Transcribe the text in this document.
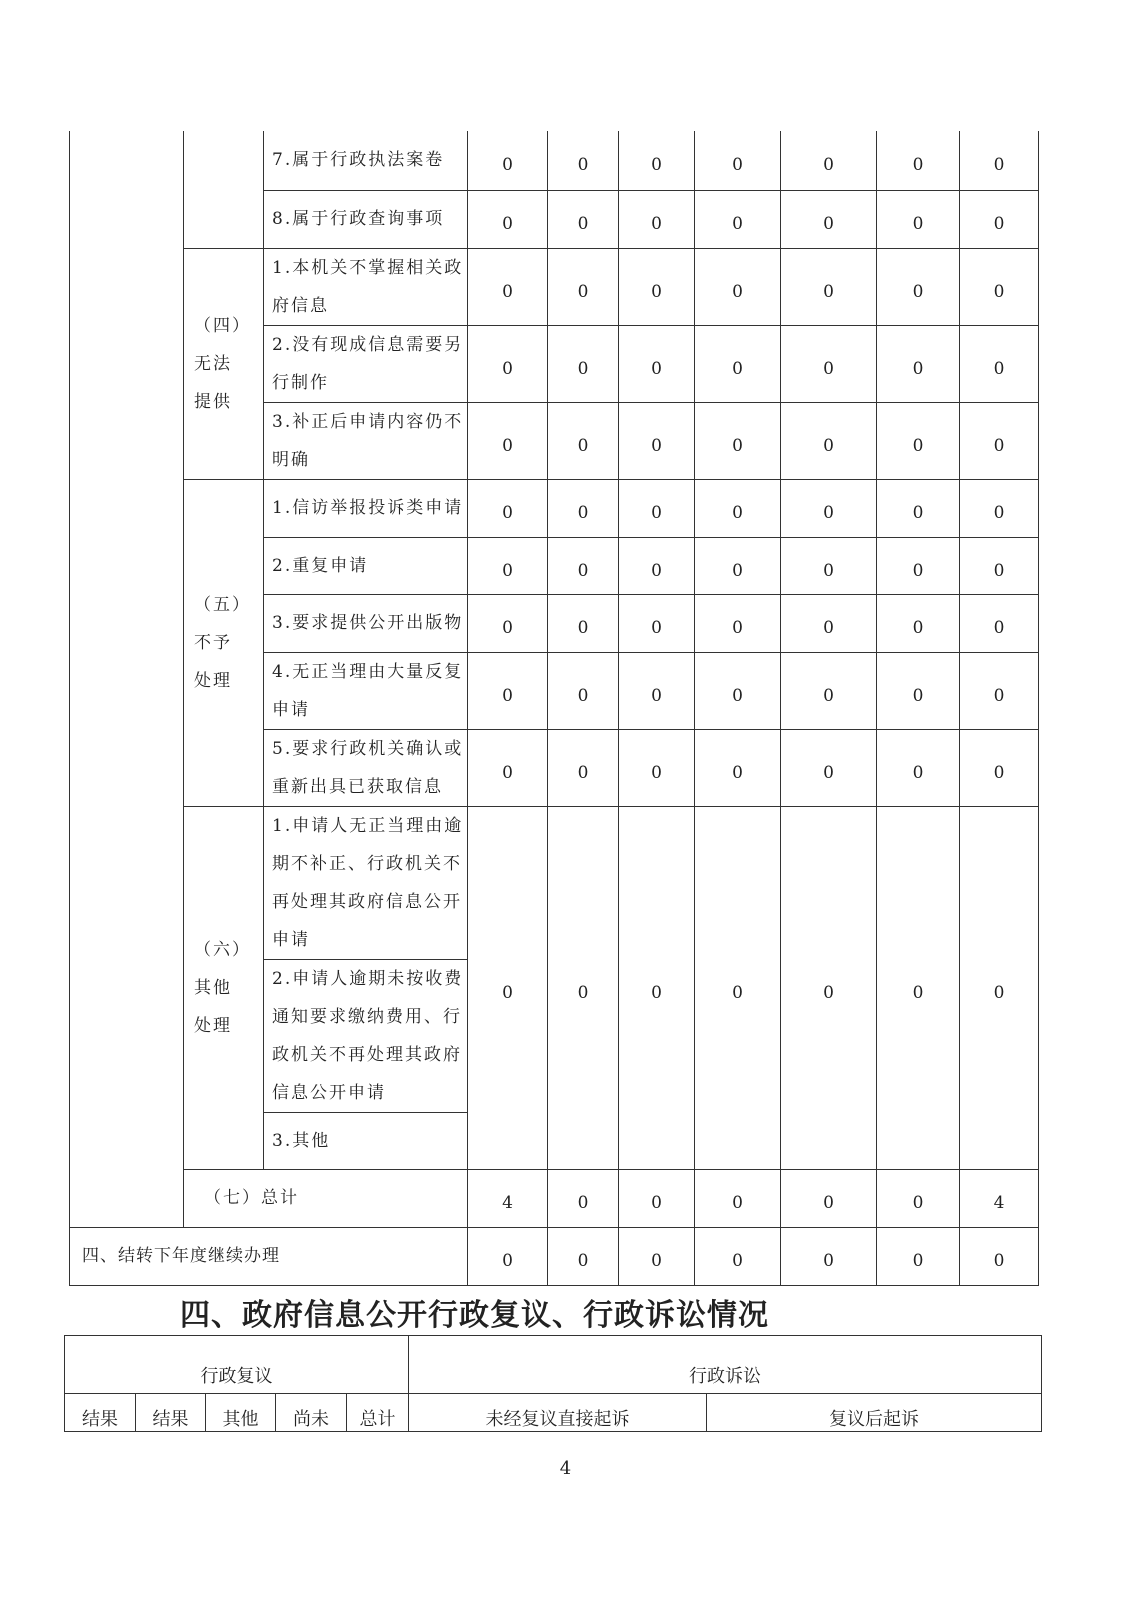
		7.属于行政执法案卷	0	0	0	0	0	0	0
		8.属于行政查询事项	0	0	0	0	0	0	0

	（四）
无法
提供	1.本机关不掌握相关政府信息	0	0	0	0	0	0	0
		2.没有现成信息需要另行制作	0	0	0	0	0	0	0
		3.补正后申请内容仍不明确	0	0	0	0	0	0	0

	（五）
不予
处理	1.信访举报投诉类申请	0	0	0	0	0	0	0
		2.重复申请	0	0	0	0	0	0	0
		3.要求提供公开出版物	0	0	0	0	0	0	0
		4.无正当理由大量反复申请	0	0	0	0	0	0	0
		5.要求行政机关确认或重新出具已获取信息	0	0	0	0	0	0	0

	（六）
其他
处理	1.申请人无正当理由逾期不补正、行政机关不再处理其政府信息公开申请	0	0	0	0	0	0	0
		2.申请人逾期未按收费通知要求缴纳费用、行政机关不再处理其政府信息公开申请							
		3.其他							
	（七）总计		4	0	0	0	0	0	4
四、结转下年度继续办理			0	0	0	0	0	0	0
四、政府信息公开行政复议、行政诉讼情况
行政复议					行政诉讼	
结果	结果	其他	尚未	总计	未经复议直接起诉	复议后起诉
4
